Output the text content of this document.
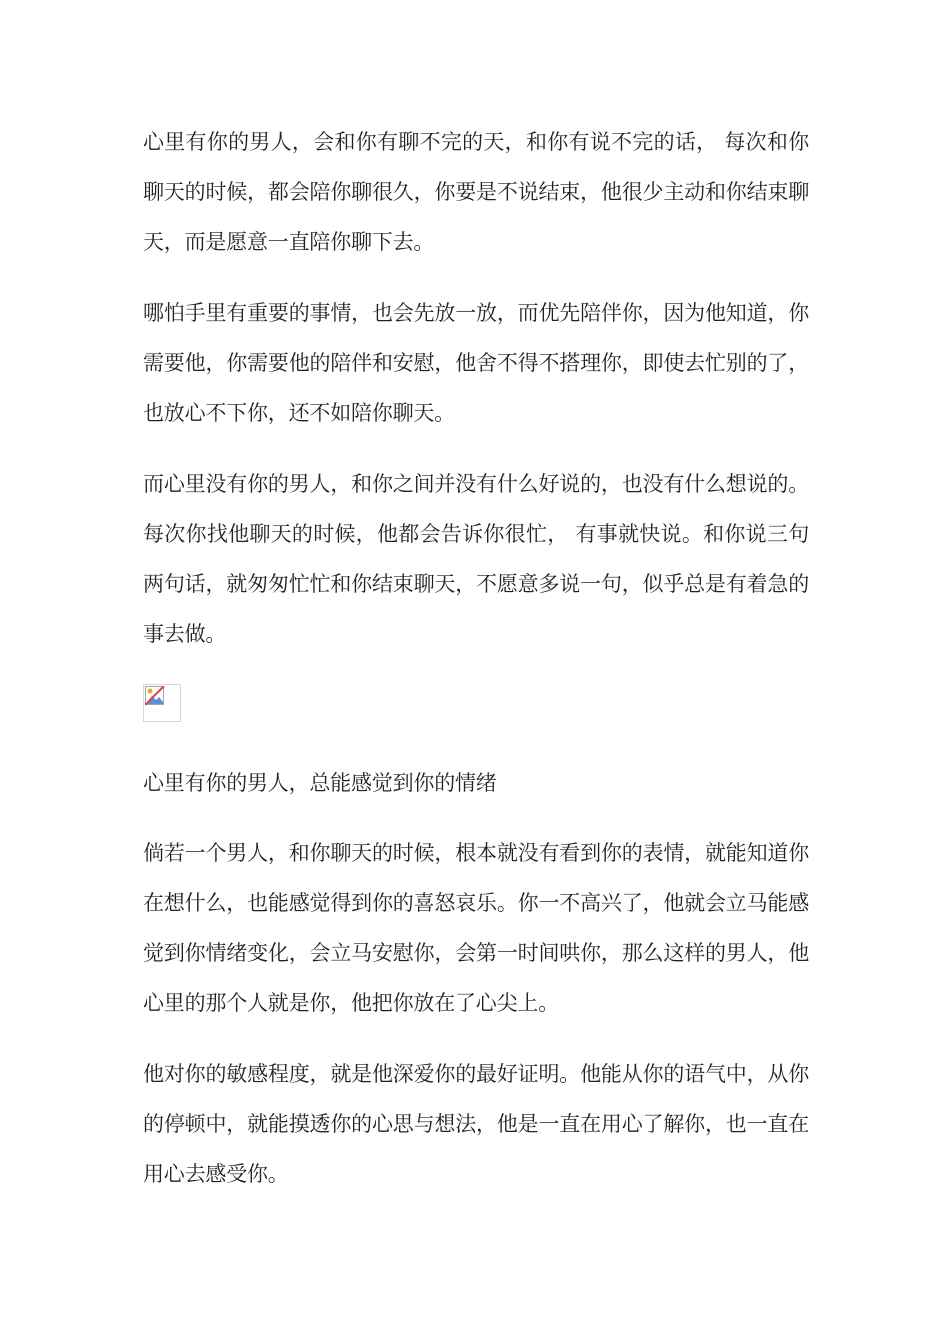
心里有你的男人，会和你有聊不完的天，和你有说不完的话， 每次和你聊天的时候，都会陪你聊很久，你要是不说结束，他很少主动和你结束聊天，而是愿意一直陪你聊下去。

哪怕手里有重要的事情，也会先放一放，而优先陪伴你，因为他知道，你需要他，你需要他的陪伴和安慰，他舍不得不搭理你，即使去忙别的了，也放心不下你，还不如陪你聊天。

而心里没有你的男人，和你之间并没有什么好说的，也没有什么想说的。每次你找他聊天的时候，他都会告诉你很忙， 有事就快说。和你说三句两句话，就匆匆忙忙和你结束聊天，不愿意多说一句，似乎总是有着急的事去做。

心里有你的男人，总能感觉到你的情绪

倘若一个男人，和你聊天的时候，根本就没有看到你的表情，就能知道你在想什么，也能感觉得到你的喜怒哀乐。你一不高兴了，他就会立马能感觉到你情绪变化，会立马安慰你，会第一时间哄你，那么这样的男人，他心里的那个人就是你，他把你放在了心尖上。

他对你的敏感程度，就是他深爱你的最好证明。他能从你的语气中，从你的停顿中，就能摸透你的心思与想法，他是一直在用心了解你，也一直在用心去感受你。
